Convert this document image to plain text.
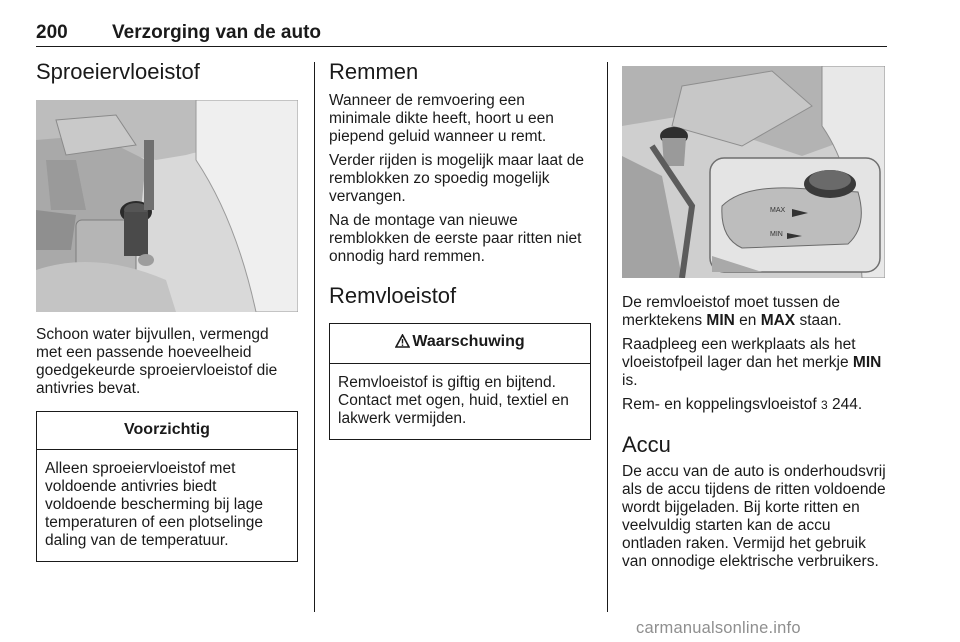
200 Verzorging van de auto
Sproeiervloeistof

Schoon water bijvullen, vermengd met een passende hoeveelheid goedgekeurde sproeiervloeistof die antivries bevat.

Voorzichtig
Alleen sproeiervloeistof met voldoende antivries biedt voldoende bescherming bij lage temperaturen of een plotselinge daling van de temperatuur.
Remmen

Wanneer de remvoering een minimale dikte heeft, hoort u een piepend geluid wanneer u remt.

Verder rijden is mogelijk maar laat de remblokken zo spoedig mogelijk vervangen.

Na de montage van nieuwe remblokken de eerste paar ritten niet onnodig hard remmen.

Remvloeistof
Waarschuwing
Remvloeistof is giftig en bijtend. Contact met ogen, huid, textiel en lakwerk vermijden.
MAX
MIN

De remvloeistof moet tussen de merktekens MIN en MAX staan.

Raadpleeg een werkplaats als het vloeistofpeil lager dan het merkje MIN is.

Rem- en koppelingsvloeistof 3 244.

Accu

De accu van de auto is onderhoudsvrij als de accu tijdens de ritten voldoende wordt bijgeladen. Bij korte ritten en veelvuldig starten kan de accu ontladen raken. Vermijd het gebruik van onnodige elektrische verbruikers.

carmanualsonline.info
